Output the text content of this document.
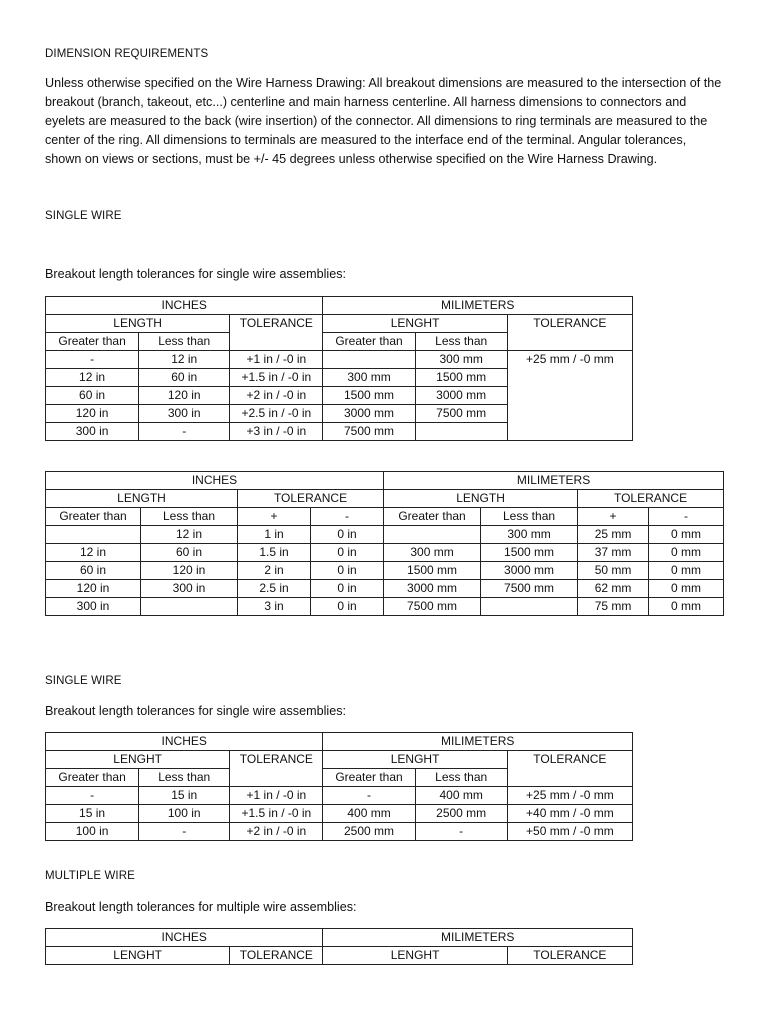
DIMENSION REQUIREMENTS
Unless otherwise specified on the Wire Harness Drawing: All breakout dimensions are measured to the intersection of the breakout (branch, takeout, etc...) centerline and main harness centerline. All harness dimensions to connectors and eyelets are measured to the back (wire insertion) of the connector. All dimensions to ring terminals are measured to the center of the ring. All dimensions to terminals are measured to the interface end of the terminal. Angular tolerances, shown on views or sections, must be +/- 45 degrees unless otherwise specified on the Wire Harness Drawing.
SINGLE WIRE
Breakout length tolerances for single wire assemblies:
INCHES			MILIMETERS		
LENGTH		TOLERANCE	LENGHT		TOLERANCE
Greater than	Less than		Greater than	Less than	
-	12 in	+1 in / -0 in		300 mm	+25 mm / -0 mm
12 in	60 in	+1.5 in / -0 in	300 mm	1500 mm	
60 in	120 in	+2 in / -0 in	1500 mm	3000 mm	
120 in	300 in	+2.5 in / -0 in	3000 mm	7500 mm	
300 in	-	+3 in / -0 in	7500 mm		
INCHES				MILIMETERS			
LENGTH		TOLERANCE		LENGTH		TOLERANCE	
Greater than	Less than	+	-	Greater than	Less than	+	-
	12 in	1 in	0 in		300 mm	25 mm	0 mm
12 in	60 in	1.5 in	0 in	300 mm	1500 mm	37 mm	0 mm
60 in	120 in	2 in	0 in	1500 mm	3000 mm	50 mm	0 mm
120 in	300 in	2.5 in	0 in	3000 mm	7500 mm	62 mm	0 mm
300 in		3 in	0 in	7500 mm		75 mm	0 mm
SINGLE WIRE
Breakout length tolerances for single wire assemblies:
INCHES			MILIMETERS		
LENGHT		TOLERANCE	LENGHT		TOLERANCE
Greater than	Less than		Greater than	Less than	
-	15 in	+1 in / -0 in	-	400 mm	+25 mm / -0 mm
15 in	100 in	+1.5 in / -0 in	400 mm	2500 mm	+40 mm / -0 mm
100 in	-	+2 in / -0 in	2500 mm	-	+50 mm / -0 mm
MULTIPLE WIRE
Breakout length tolerances for multiple wire assemblies:
INCHES		MILIMETERS	
LENGHT	TOLERANCE	LENGHT	TOLERANCE
